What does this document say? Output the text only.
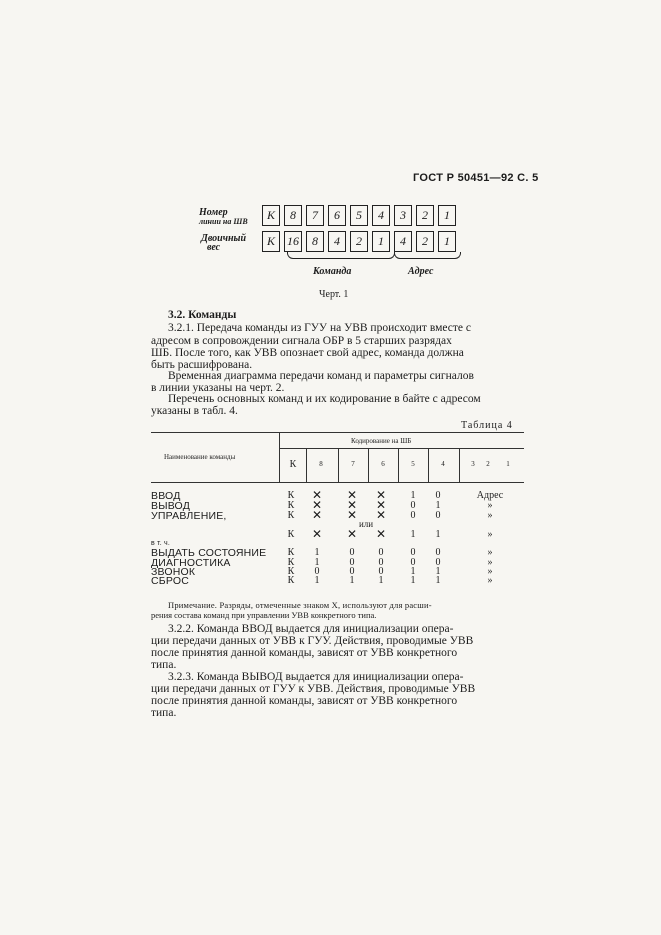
ГОСТ Р 50451—92 С. 5
Номер
линии на ШВ
Двоичный
вес
К	8	7	6	5	4	3	2	1
К	16	8	4	2	1	4	2	1
Команда	Адрес
Черт. 1
3.2. Команды
3.2.1. Передача команды из ГУУ на УВВ происходит вместе с
адресом в сопровождении сигнала ОБР в 5 старших разрядах
ШБ. После того, как УВВ опознает свой адрес, команда должна
быть расшифрована.
Временная диаграмма передачи команд и параметры сигналов
в линии указаны на черт. 2.
Перечень основных команд и их кодирование в байте с адресом
указаны в табл. 4.
Таблица 4
Наименование команды
Кодирование на ШБ
К	8	7	6	5	4	3	2	1
ВВОД	К	✕	✕	✕	1	0	Адрес
ВЫВОД	К	✕	✕	✕	0	1	»
УПРАВЛЕНИЕ,	К	✕	✕	✕	0	0	»
или
К	✕	✕	✕	1	1	»
в т. ч.
ВЫДАТЬ СОСТОЯНИЕ	К	1	0	0	0	0	»
ДИАГНОСТИКА	К	1	0	0	0	0	»
ЗВОНОК	К	0	0	0	1	1	»
СБРОС	К	1	1	1	1	1	»
Примечание. Разряды, отмеченные знаком X, используют для расши-
рения состава команд при управлении УВВ конкретного типа.
3.2.2. Команда ВВОД выдается для инициализации опера-
ции передачи данных от УВВ к ГУУ. Действия, проводимые УВВ
после принятия данной команды, зависят от УВВ конкретного
типа.
3.2.3. Команда ВЫВОД выдается для инициализации опера-
ции передачи данных от ГУУ к УВВ. Действия, проводимые УВВ
после принятия данной команды, зависят от УВВ конкретного
типа.
